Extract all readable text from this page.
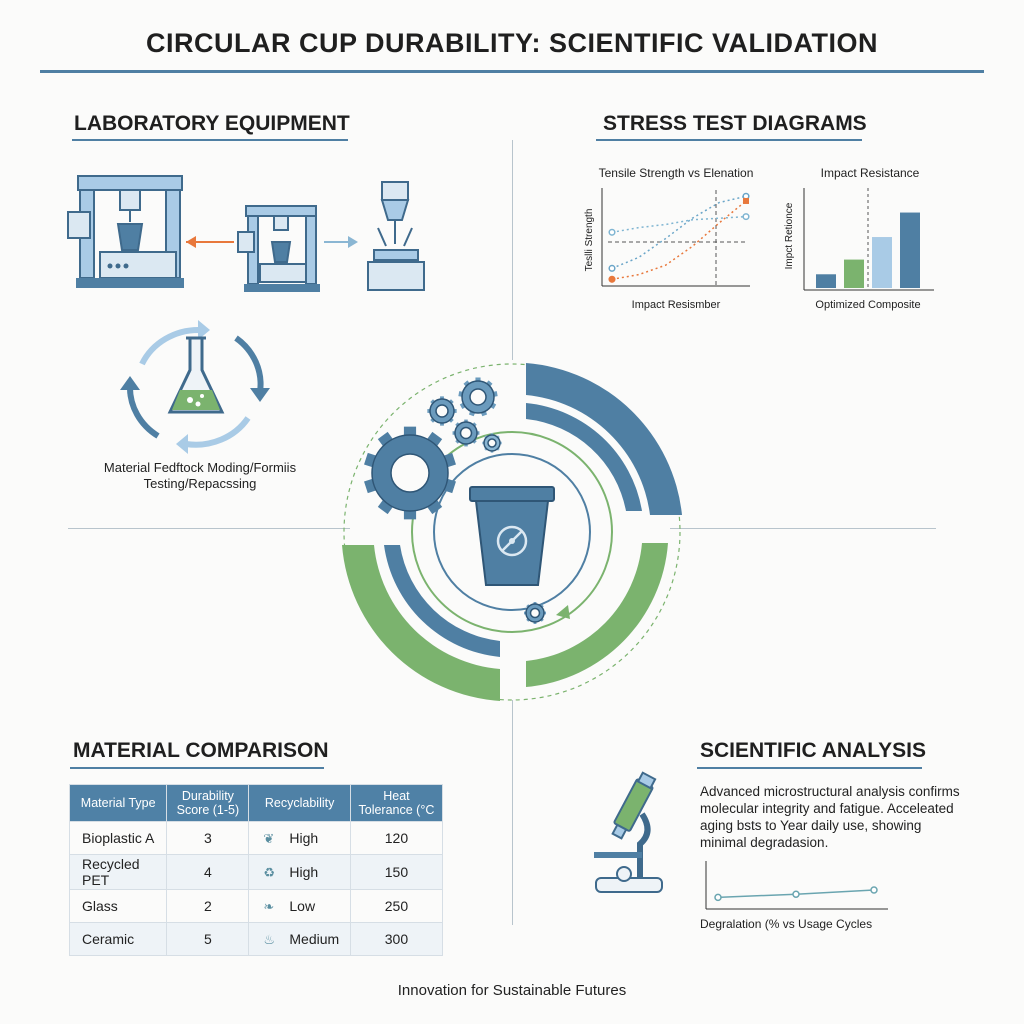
CIRCULAR CUP DURABILITY: SCIENTIFIC VALIDATION
LABORATORY EQUIPMENT	STRESS TEST DIAGRAMS
MATERIAL COMPARISON	SCIENTIFIC ANALYSIS
Material Fedftock Moding/Formiis
Testing/Repacssing
Tensile Strength vs Elenation
Teslli Strength
Impact Resismber
Impact Resistance
Impct Retionce
Optimized Composite
Material Type	Durability Score (1-5)	Recyclability	Heat Tolerance (°C
Bioplastic A	3	❦ High	120
Recycled PET	4	♻ High	150
Glass	2	❧ Low	250
Ceramic	5	♨ Medium	300
Advanced microstructural analysis confirms molecular integrity and fatigue. Acceleated aging bsts to Year daily use, showing minimal degradasion.
Degralation (% vs Usage Cycles
Innovation for Sustainable Futures
